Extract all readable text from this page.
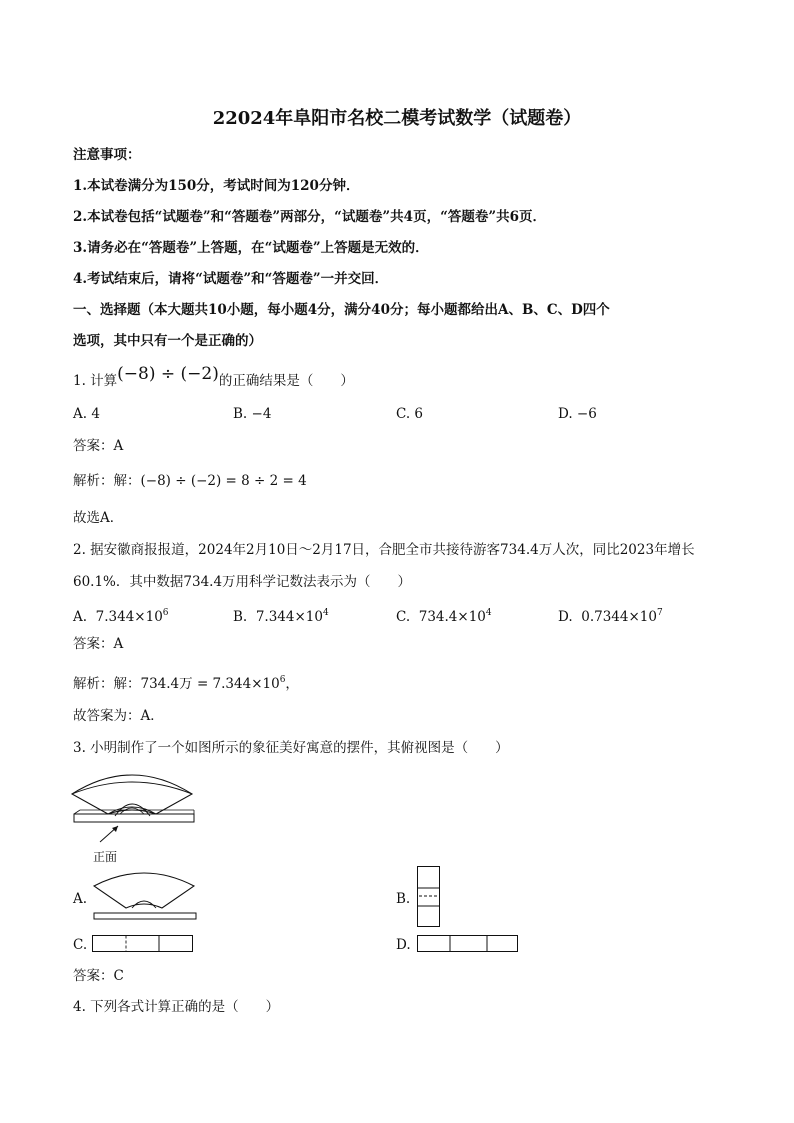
22024年阜阳市名校二模考试数学（试题卷）
注意事项：
1.本试卷满分为150分，考试时间为120分钟．
2.本试卷包括“试题卷”和“答题卷”两部分，“试题卷”共4页，“答题卷”共6页．
3.请务必在“答题卷”上答题，在“试题卷”上答题是无效的．
4.考试结束后，请将“试题卷”和“答题卷”一并交回．
一、选择题（本大题共10小题，每小题4分，满分40分；每小题都给出A、B、C、D四个
选项，其中只有一个是正确的）
1. 计算(−8) ÷ (−2)的正确结果是（　　）
A. 4	B. −4	C. 6	D. −6
答案：A
解析：解：(−8) ÷ (−2) = 8 ÷ 2 = 4
故选A．
2. 据安徽商报报道，2024年2月10日～2月17日，合肥全市共接待游客734.4万人次，同比2023年增长
60.1%．其中数据734.4万用科学记数法表示为（　　）
A. $7.344\times 10^6$	B. $7.344\times 10^4$	C. $734.4\times 10^4$	D. $0.7344\times 10^7$
答案：A
解析：解：734.4万 = $7.344\times 10^6$，
故答案为：A．
3. 小明制作了一个如图所示的象征美好寓意的摆件，其俯视图是（　　）
正面
A.	B.
C.	D.
答案：C
4. 下列各式计算正确的是（　　）
